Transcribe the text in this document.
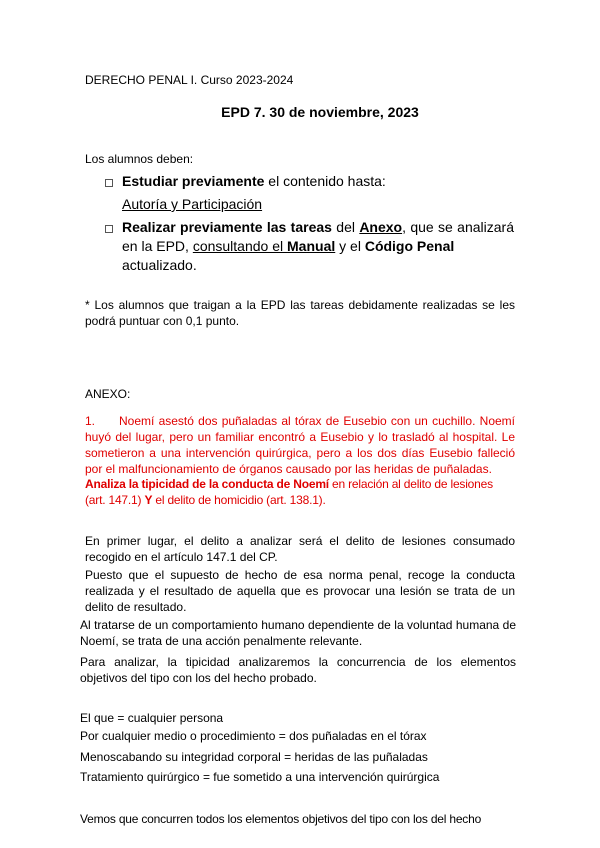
DERECHO PENAL I. Curso 2023-2024
EPD 7. 30 de noviembre, 2023
Los alumnos deben:
Estudiar previamente el contenido hasta:
Autoría y Participación
Realizar previamente las tareas del Anexo, que se analizará en la EPD, consultando el Manual y el Código Penal
actualizado.
* Los alumnos que traigan a la EPD las tareas debidamente realizadas se les podrá puntuar con 0,1 punto.
ANEXO:
1. Noemí asestó dos puñaladas al tórax de Eusebio con un cuchillo. Noemí huyó del lugar, pero un familiar encontró a Eusebio y lo trasladó al hospital. Le sometieron a una intervención quirúrgica, pero a los dos días Eusebio falleció por el malfuncionamiento de órganos causado por las heridas de puñaladas.
Analiza la tipicidad de la conducta de Noemí en relación al delito de lesiones (art. 147.1) Y el delito de homicidio (art. 138.1).
En primer lugar, el delito a analizar será el delito de lesiones consumado recogido en el artículo 147.1 del CP.
Puesto que el supuesto de hecho de esa norma penal, recoge la conducta realizada y el resultado de aquella que es provocar una lesión se trata de un delito de resultado.
Al tratarse de un comportamiento humano dependiente de la voluntad humana de Noemí, se trata de una acción penalmente relevante.
Para analizar, la tipicidad analizaremos la concurrencia de los elementos objetivos del tipo con los del hecho probado.
El que = cualquier persona
Por cualquier medio o procedimiento = dos puñaladas en el tórax
Menoscabando su integridad corporal = heridas de las puñaladas
Tratamiento quirúrgico = fue sometido a una intervención quirúrgica
Vemos que concurren todos los elementos objetivos del tipo con los del hecho
